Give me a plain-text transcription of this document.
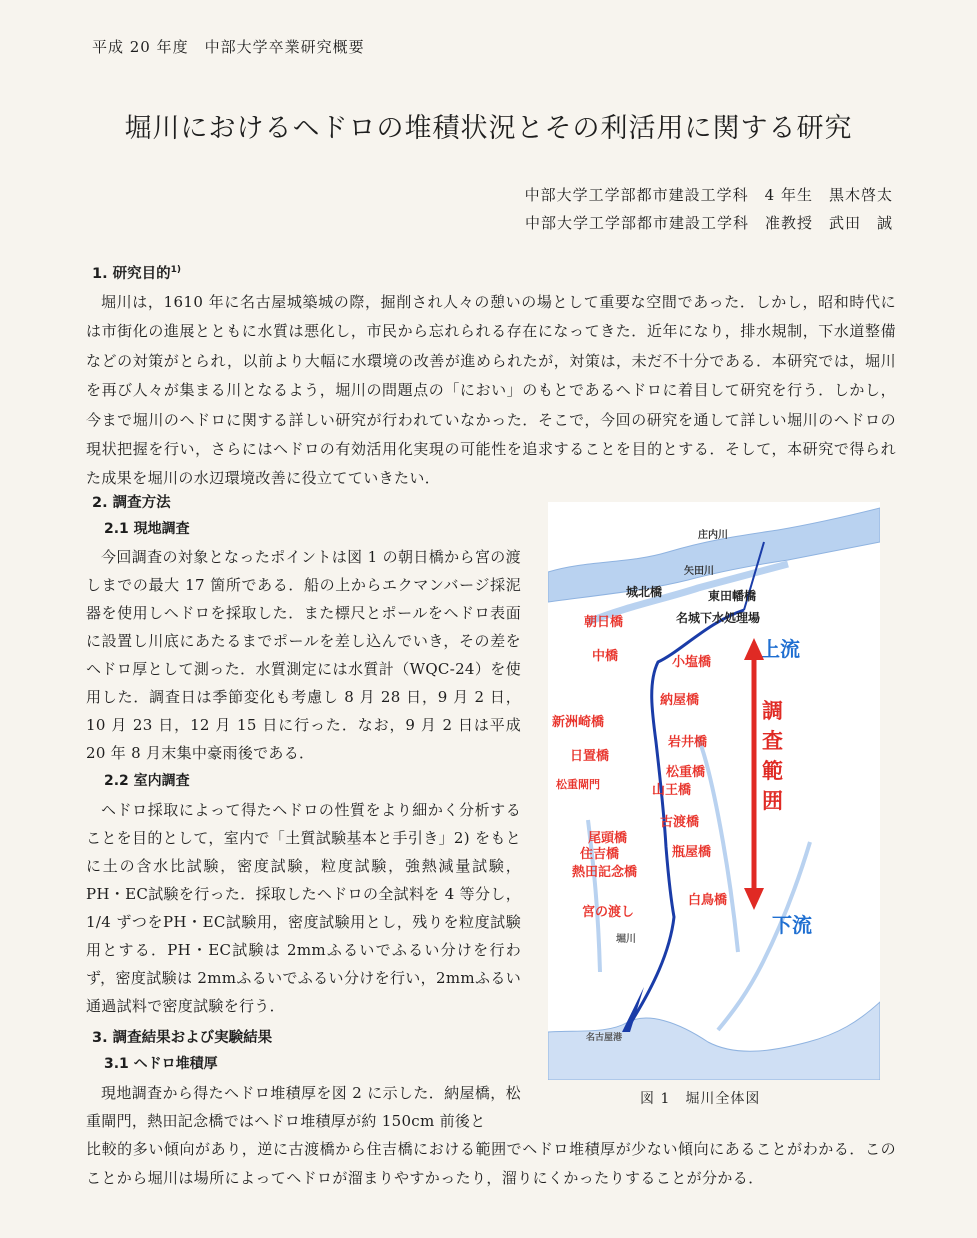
平成 20 年度　中部大学卒業研究概要
堀川におけるヘドロの堆積状況とその利活用に関する研究
中部大学工学部都市建設工学科　4 年生　黒木啓太
中部大学工学部都市建設工学科　准教授　武田　誠
1. 研究目的$^{1)}$
堀川は，1610 年に名古屋城築城の際，掘削され人々の憩いの場として重要な空間であった．しかし，昭和時代には市街化の進展とともに水質は悪化し，市民から忘れられる存在になってきた．近年になり，排水規制，下水道整備などの対策がとられ，以前より大幅に水環境の改善が進められたが，対策は，未だ不十分である．本研究では，堀川を再び人々が集まる川となるよう，堀川の問題点の「におい」のもとであるヘドロに着目して研究を行う．しかし，今まで堀川のヘドロに関する詳しい研究が行われていなかった．そこで，今回の研究を通して詳しい堀川のヘドロの現状把握を行い，さらにはヘドロの有効活用化実現の可能性を追求することを目的とする．そして，本研究で得られた成果を堀川の水辺環境改善に役立てていきたい．
2. 調査方法
2.1 現地調査
今回調査の対象となったポイントは図 1 の朝日橋から宮の渡しまでの最大 17 箇所である．船の上からエクマンバージ採泥器を使用しヘドロを採取した．また標尺とポールをヘドロ表面に設置し川底にあたるまでポールを差し込んでいき，その差をヘドロ厚として測った．水質測定には水質計（WQC-24）を使用した．調査日は季節変化も考慮し 8 月 28 日，9 月 2 日，10 月 23 日，12 月 15 日に行った．なお，9 月 2 日は平成 20 年 8 月末集中豪雨後である．
2.2 室内調査
ヘドロ採取によって得たヘドロの性質をより細かく分析することを目的として，室内で「土質試験基本と手引き」2) をもとに土の含水比試験，密度試験，粒度試験，強熱減量試験，PH・EC試験を行った．採取したヘドロの全試料を 4 等分し，1/4 ずつをPH・EC試験用，密度試験用とし，残りを粒度試験用とする．PH・EC試験は 2mmふるいでふるい分けを行わず，密度試験は 2mmふるいでふるい分けを行い，2mmふるい通過試料で密度試験を行う．
3. 調査結果および実験結果
3.1 ヘドロ堆積厚
現地調査から得たヘドロ堆積厚を図 2 に示した．納屋橋，松重閘門，熱田記念橋ではヘドロ堆積厚が約 150cm 前後と
比較的多い傾向があり，逆に古渡橋から住吉橋における範囲でヘドロ堆積厚が少ない傾向にあることがわかる．このことから堀川は場所によってヘドロが溜まりやすかったり，溜りにくかったりすることが分かる．
上流
下流
調
査
範
囲
庄内川
矢田川
城北橋	東田幡橋
名城下水処理場
名古屋港
堀川
朝日橋
中橋	小塩橋
納屋橋
新洲崎橋
岩井橋
日置橋
松重橋
松重閘門	山王橋
古渡橋
尾頭橋
瓶屋橋
住吉橋
熱田記念橋
白鳥橋
宮の渡し
図 1　堀川全体図
